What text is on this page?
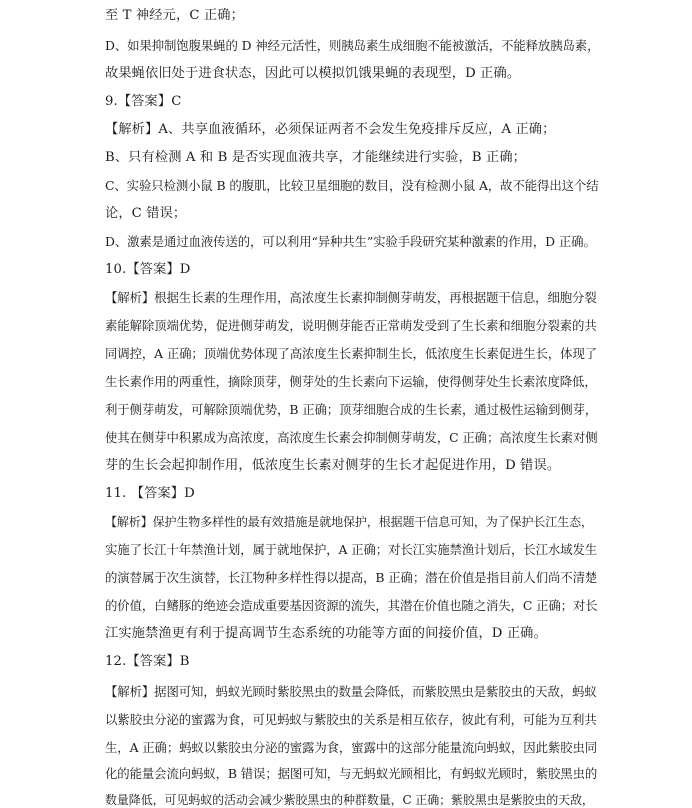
至 T 神经元，C 正确；
D、如果抑制饱腹果蝇的 D 神经元活性，则胰岛素生成细胞不能被激活，不能释放胰岛素，
故果蝇依旧处于进食状态，因此可以模拟饥饿果蝇的表现型，D 正确。
9.【答案】C
【解析】A、共享血液循环，必须保证两者不会发生免疫排斥反应，A 正确；
B、只有检测 A 和 B 是否实现血液共享，才能继续进行实验，B 正确；
C、实验只检测小鼠 B 的腹肌，比较卫星细胞的数目，没有检测小鼠 A，故不能得出这个结
论，C 错误；
D、激素是通过血液传送的，可以利用“异种共生”实验手段研究某种激素的作用，D 正确。
10.【答案】D
【解析】根据生长素的生理作用，高浓度生长素抑制侧芽萌发，再根据题干信息，细胞分裂
素能解除顶端优势，促进侧芽萌发，说明侧芽能否正常萌发受到了生长素和细胞分裂素的共
同调控，A 正确；顶端优势体现了高浓度生长素抑制生长，低浓度生长素促进生长，体现了
生长素作用的两重性，摘除顶芽，侧芽处的生长素向下运输，使得侧芽处生长素浓度降低，
利于侧芽萌发，可解除顶端优势，B 正确；顶芽细胞合成的生长素，通过极性运输到侧芽，
使其在侧芽中积累成为高浓度，高浓度生长素会抑制侧芽萌发，C 正确；高浓度生长素对侧
芽的生长会起抑制作用，低浓度生长素对侧芽的生长才起促进作用，D 错误。
11. 【答案】D
【解析】保护生物多样性的最有效措施是就地保护，根据题干信息可知，为了保护长江生态，
实施了长江十年禁渔计划，属于就地保护，A 正确；对长江实施禁渔计划后，长江水域发生
的演替属于次生演替，长江物种多样性得以提高，B 正确；潜在价值是指目前人们尚不清楚
的价值，白鳍豚的绝迹会造成重要基因资源的流失，其潜在价值也随之消失，C 正确；对长
江实施禁渔更有利于提高调节生态系统的功能等方面的间接价值，D 正确。
12.【答案】B
【解析】据图可知，蚂蚁光顾时紫胶黑虫的数量会降低，而紫胶黑虫是紫胶虫的天敌，蚂蚁
以紫胶虫分泌的蜜露为食，可见蚂蚁与紫胶虫的关系是相互依存，彼此有利，可能为互利共
生，A 正确；蚂蚁以紫胶虫分泌的蜜露为食，蜜露中的这部分能量流向蚂蚁，因此紫胶虫同
化的能量会流向蚂蚁，B 错误；据图可知，与无蚂蚁光顾相比，有蚂蚁光顾时，紫胶黑虫的
数量降低，可见蚂蚁的活动会减少紫胶黑虫的种群数量，C 正确；紫胶黑虫是紫胶虫的天敌，
